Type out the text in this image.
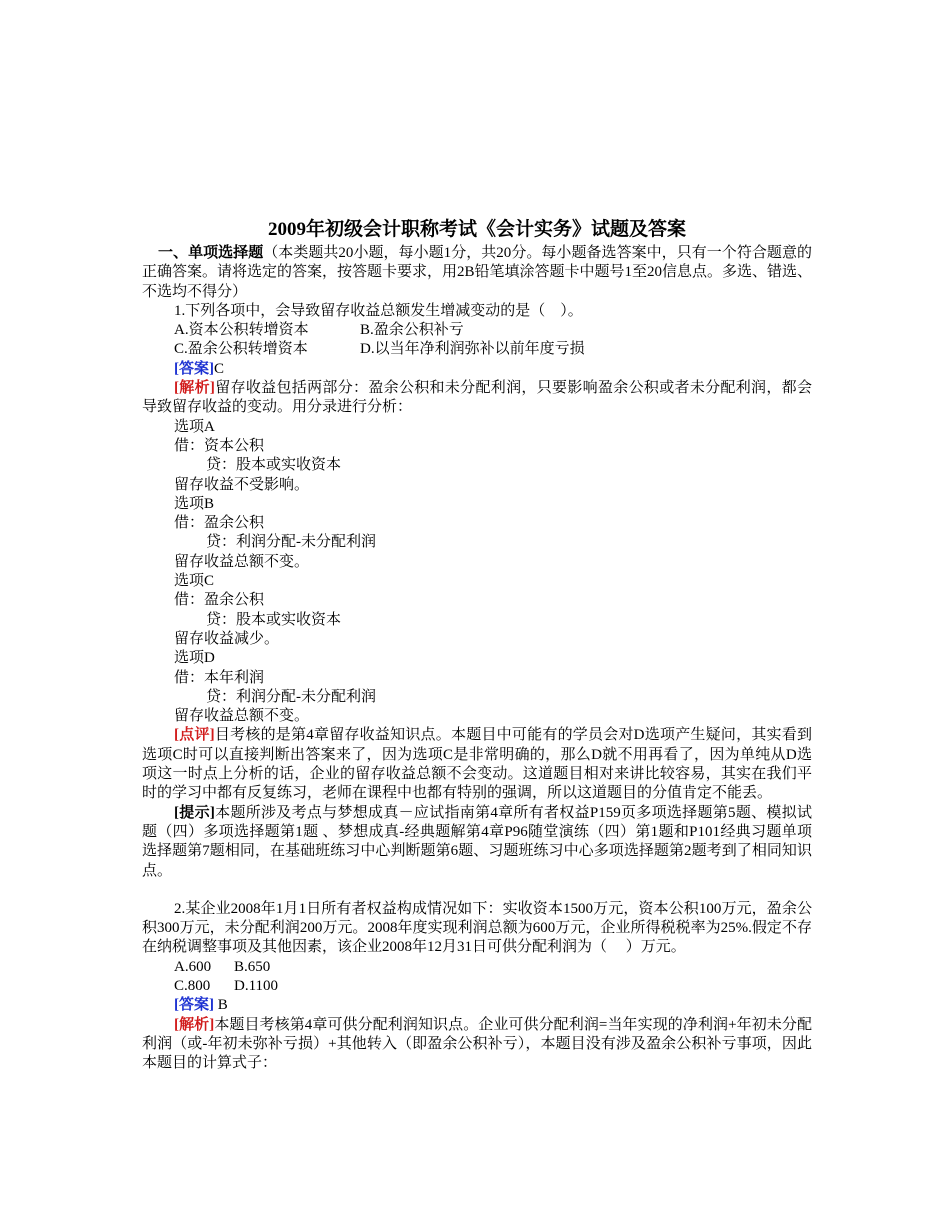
2009年初级会计职称考试《会计实务》试题及答案

一、单项选择题（本类题共20小题，每小题1分，共20分。每小题备选答案中，只有一个符合题意的正确答案。请将选定的答案，按答题卡要求，用2B铅笔填涂答题卡中题号1至20信息点。多选、错选、不选均不得分）

1.下列各项中，会导致留存收益总额发生增减变动的是（　）。

A.资本公积转增资本	B.盈余公积补亏

C.盈余公积转增资本	D.以当年净利润弥补以前年度亏损

[答案]C

[解析]留存收益包括两部分：盈余公积和未分配利润，只要影响盈余公积或者未分配利润，都会导致留存收益的变动。用分录进行分析：

选项A

借：资本公积

贷：股本或实收资本

留存收益不受影响。

选项B

借：盈余公积

贷：利润分配-未分配利润

留存收益总额不变。

选项C

借：盈余公积

贷：股本或实收资本

留存收益减少。

选项D

借：本年利润

贷：利润分配-未分配利润

留存收益总额不变。

[点评]目考核的是第4章留存收益知识点。本题目中可能有的学员会对D选项产生疑问，其实看到选项C时可以直接判断出答案来了，因为选项C是非常明确的，那么D就不用再看了，因为单纯从D选项这一时点上分析的话，企业的留存收益总额不会变动。这道题目相对来讲比较容易，其实在我们平时的学习中都有反复练习，老师在课程中也都有特别的强调，所以这道题目的分值肯定不能丢。

[提示]本题所涉及考点与梦想成真－应试指南第4章所有者权益P159页多项选择题第5题、模拟试题（四）多项选择题第1题 、梦想成真-经典题解第4章P96随堂演练（四）第1题和P101经典习题单项选择题第7题相同，在基础班练习中心判断题第6题、习题班练习中心多项选择题第2题考到了相同知识点。

2.某企业2008年1月1日所有者权益构成情况如下：实收资本1500万元，资本公积100万元，盈余公积300万元，未分配利润200万元。2008年度实现利润总额为600万元，企业所得税税率为25%.假定不存在纳税调整事项及其他因素，该企业2008年12月31日可供分配利润为（　 ）万元。

A.600 B.650

C.800 D.1100

[答案] B

[解析]本题目考核第4章可供分配利润知识点。企业可供分配利润=当年实现的净利润+年初未分配利润（或-年初未弥补亏损）+其他转入（即盈余公积补亏），本题目没有涉及盈余公积补亏事项，因此本题目的计算式子：
